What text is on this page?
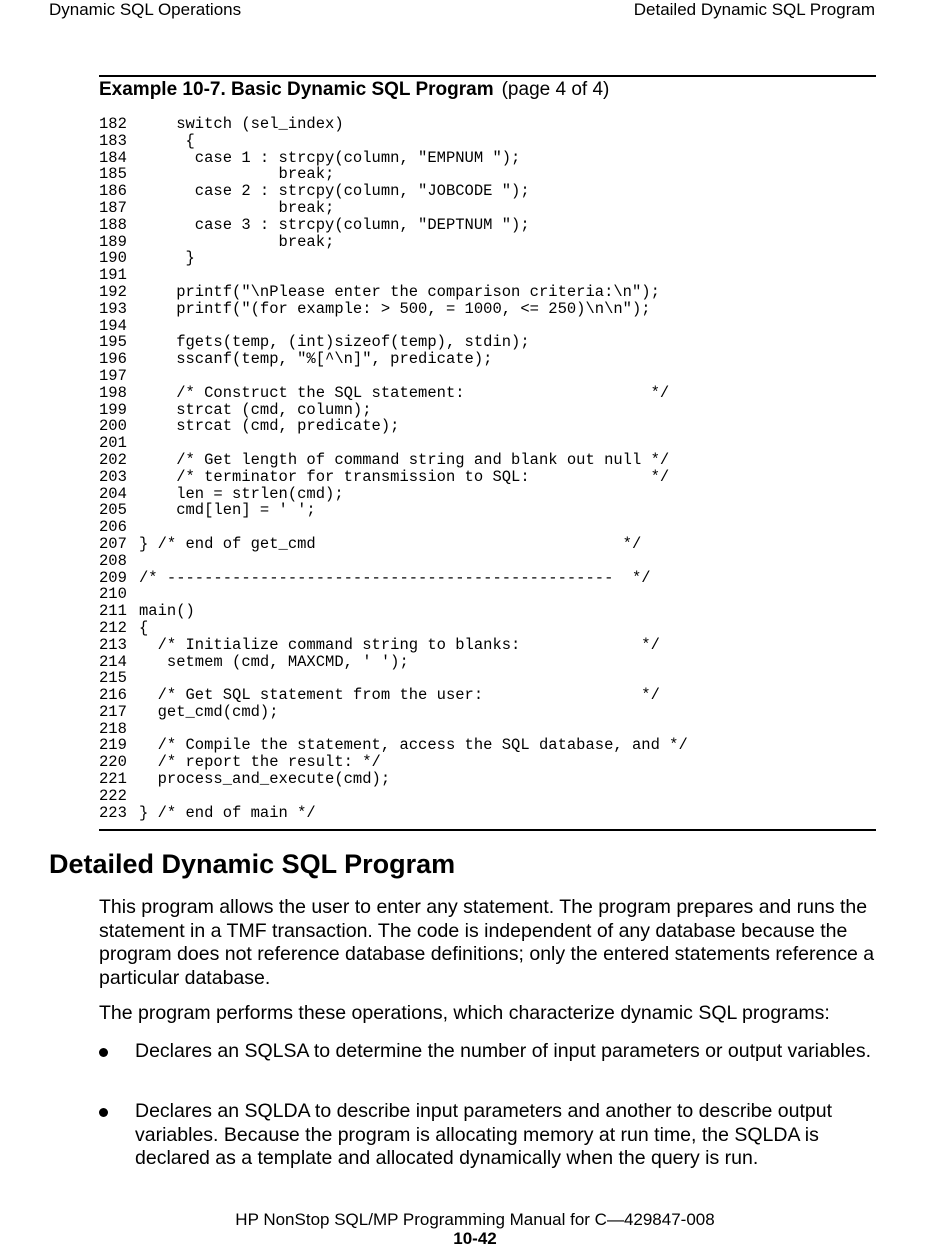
Dynamic SQL Operations	Detailed Dynamic SQL Program
Example 10-7. Basic Dynamic SQL Program (page 4 of 4)
182    switch (sel_index)
183     {
184      case 1 : strcpy(column, "EMPNUM ");
185               break;
186      case 2 : strcpy(column, "JOBCODE ");
187               break;
188      case 3 : strcpy(column, "DEPTNUM ");
189               break;
190     }
191
192    printf("\nPlease enter the comparison criteria:\n");
193    printf("(for example: > 500, = 1000, <= 250)\n\n");
194
195    fgets(temp, (int)sizeof(temp), stdin);
196    sscanf(temp, "%[^\n]", predicate);
197
198    /* Construct the SQL statement:                    */
199    strcat (cmd, column);
200    strcat (cmd, predicate);
201
202    /* Get length of command string and blank out null */
203    /* terminator for transmission to SQL:             */
204    len = strlen(cmd);
205    cmd[len] = ' ';
206
207 } /* end of get_cmd                                 */
208
209 /* ------------------------------------------------  */
210
211 main()
212 {
213  /* Initialize command string to blanks:             */
214   setmem (cmd, MAXCMD, ' ');
215
216  /* Get SQL statement from the user:                 */
217  get_cmd(cmd);
218
219  /* Compile the statement, access the SQL database, and */
220  /* report the result: */
221  process_and_execute(cmd);
222
223 } /* end of main */
Detailed Dynamic SQL Program
This program allows the user to enter any statement. The program prepares and runs the statement in a TMF transaction. The code is independent of any database because the program does not reference database definitions; only the entered statements reference a particular database.
The program performs these operations, which characterize dynamic SQL programs:
Declares an SQLSA to determine the number of input parameters or output variables.
Declares an SQLDA to describe input parameters and another to describe output variables. Because the program is allocating memory at run time, the SQLDA is declared as a template and allocated dynamically when the query is run.
HP NonStop SQL/MP Programming Manual for C—429847-008
10-42
